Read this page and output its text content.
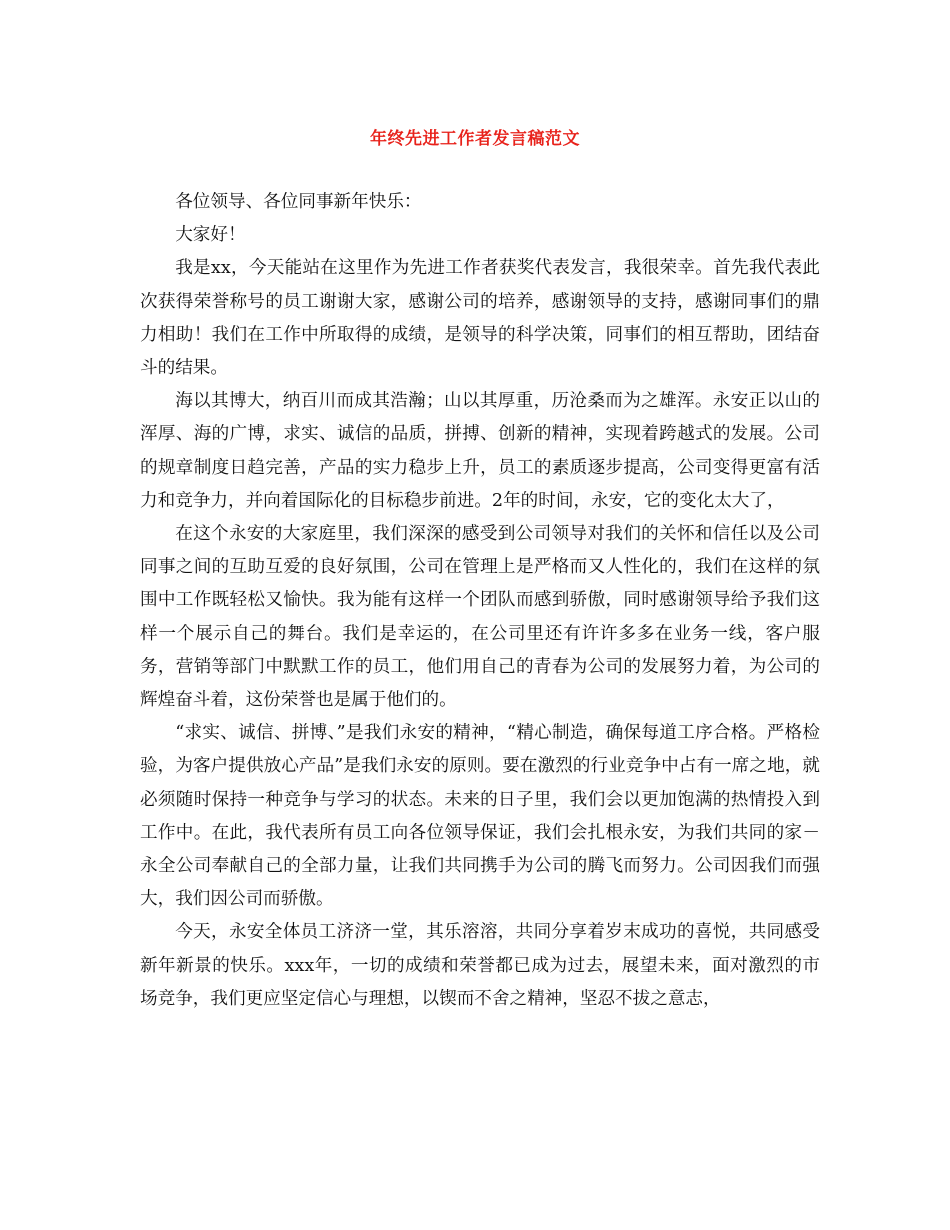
年终先进工作者发言稿范文

各位领导、各位同事新年快乐：

大家好！

我是xx，今天能站在这里作为先进工作者获奖代表发言，我很荣幸。首先我代表此次获得荣誉称号的员工谢谢大家，感谢公司的培养，感谢领导的支持，感谢同事们的鼎力相助！我们在工作中所取得的成绩，是领导的科学决策，同事们的相互帮助，团结奋斗的结果。

海以其博大，纳百川而成其浩瀚；山以其厚重，历沧桑而为之雄浑。永安正以山的浑厚、海的广博，求实、诚信的品质，拼搏、创新的精神，实现着跨越式的发展。公司的规章制度日趋完善，产品的实力稳步上升，员工的素质逐步提高，公司变得更富有活力和竞争力，并向着国际化的目标稳步前进。2年的时间，永安，它的变化太大了，

在这个永安的大家庭里，我们深深的感受到公司领导对我们的关怀和信任以及公司同事之间的互助互爱的良好氛围，公司在管理上是严格而又人性化的，我们在这样的氛围中工作既轻松又愉快。我为能有这样一个团队而感到骄傲，同时感谢领导给予我们这样一个展示自己的舞台。我们是幸运的，在公司里还有许许多多在业务一线，客户服务，营销等部门中默默工作的员工，他们用自己的青春为公司的发展努力着，为公司的辉煌奋斗着，这份荣誉也是属于他们的。

“求实、诚信、拼博、”是我们永安的精神，“精心制造，确保每道工序合格。严格检验，为客户提供放心产品”是我们永安的原则。要在激烈的行业竞争中占有一席之地，就必须随时保持一种竞争与学习的状态。未来的日子里，我们会以更加饱满的热情投入到工作中。在此，我代表所有员工向各位领导保证，我们会扎根永安，为我们共同的家－永全公司奉献自己的全部力量，让我们共同携手为公司的腾飞而努力。公司因我们而强大，我们因公司而骄傲。

今天，永安全体员工济济一堂，其乐溶溶，共同分享着岁末成功的喜悦，共同感受新年新景的快乐。xxx年，一切的成绩和荣誉都已成为过去，展望未来，面对激烈的市场竞争，我们更应坚定信心与理想，以锲而不舍之精神，坚忍不拔之意志，
